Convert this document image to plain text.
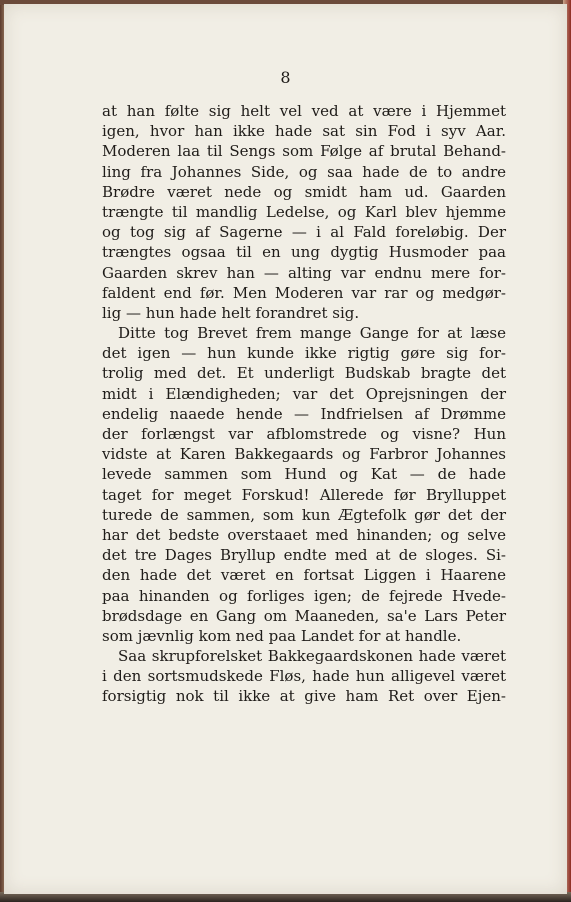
8
at han følte sig helt vel ved at være i Hjemmet
igen, hvor han ikke hade sat sin Fod i syv Aar.
Moderen laa til Sengs som Følge af brutal Behand-
ling fra Johannes Side, og saa hade de to andre
Brødre været nede og smidt ham ud. Gaarden
trængte til mandlig Ledelse, og Karl blev hjemme
og tog sig af Sagerne — i al Fald foreløbig. Der
trængtes ogsaa til en ung dygtig Husmoder paa
Gaarden skrev han — alting var endnu mere for-
faldent end før. Men Moderen var rar og medgør-
lig — hun hade helt forandret sig.
Ditte tog Brevet frem mange Gange for at læse
det igen — hun kunde ikke rigtig gøre sig for-
trolig med det. Et underligt Budskab bragte det
midt i Elændigheden; var det Oprejsningen der
endelig naaede hende — Indfrielsen af Drømme
der forlængst var afblomstrede og visne? Hun
vidste at Karen Bakkegaards og Farbror Johannes
levede sammen som Hund og Kat — de hade
taget for meget Forskud! Allerede før Brylluppet
turede de sammen, som kun Ægtefolk gør det der
har det bedste overstaaet med hinanden; og selve
det tre Dages Bryllup endte med at de sloges. Si-
den hade det været en fortsat Liggen i Haarene
paa hinanden og forliges igen; de fejrede Hvede-
brødsdage en Gang om Maaneden, sa'e Lars Peter
som jævnlig kom ned paa Landet for at handle.
Saa skrupforelsket Bakkegaardskonen hade været
i den sortsmudskede Fløs, hade hun alligevel været
forsigtig nok til ikke at give ham Ret over Ejen-
